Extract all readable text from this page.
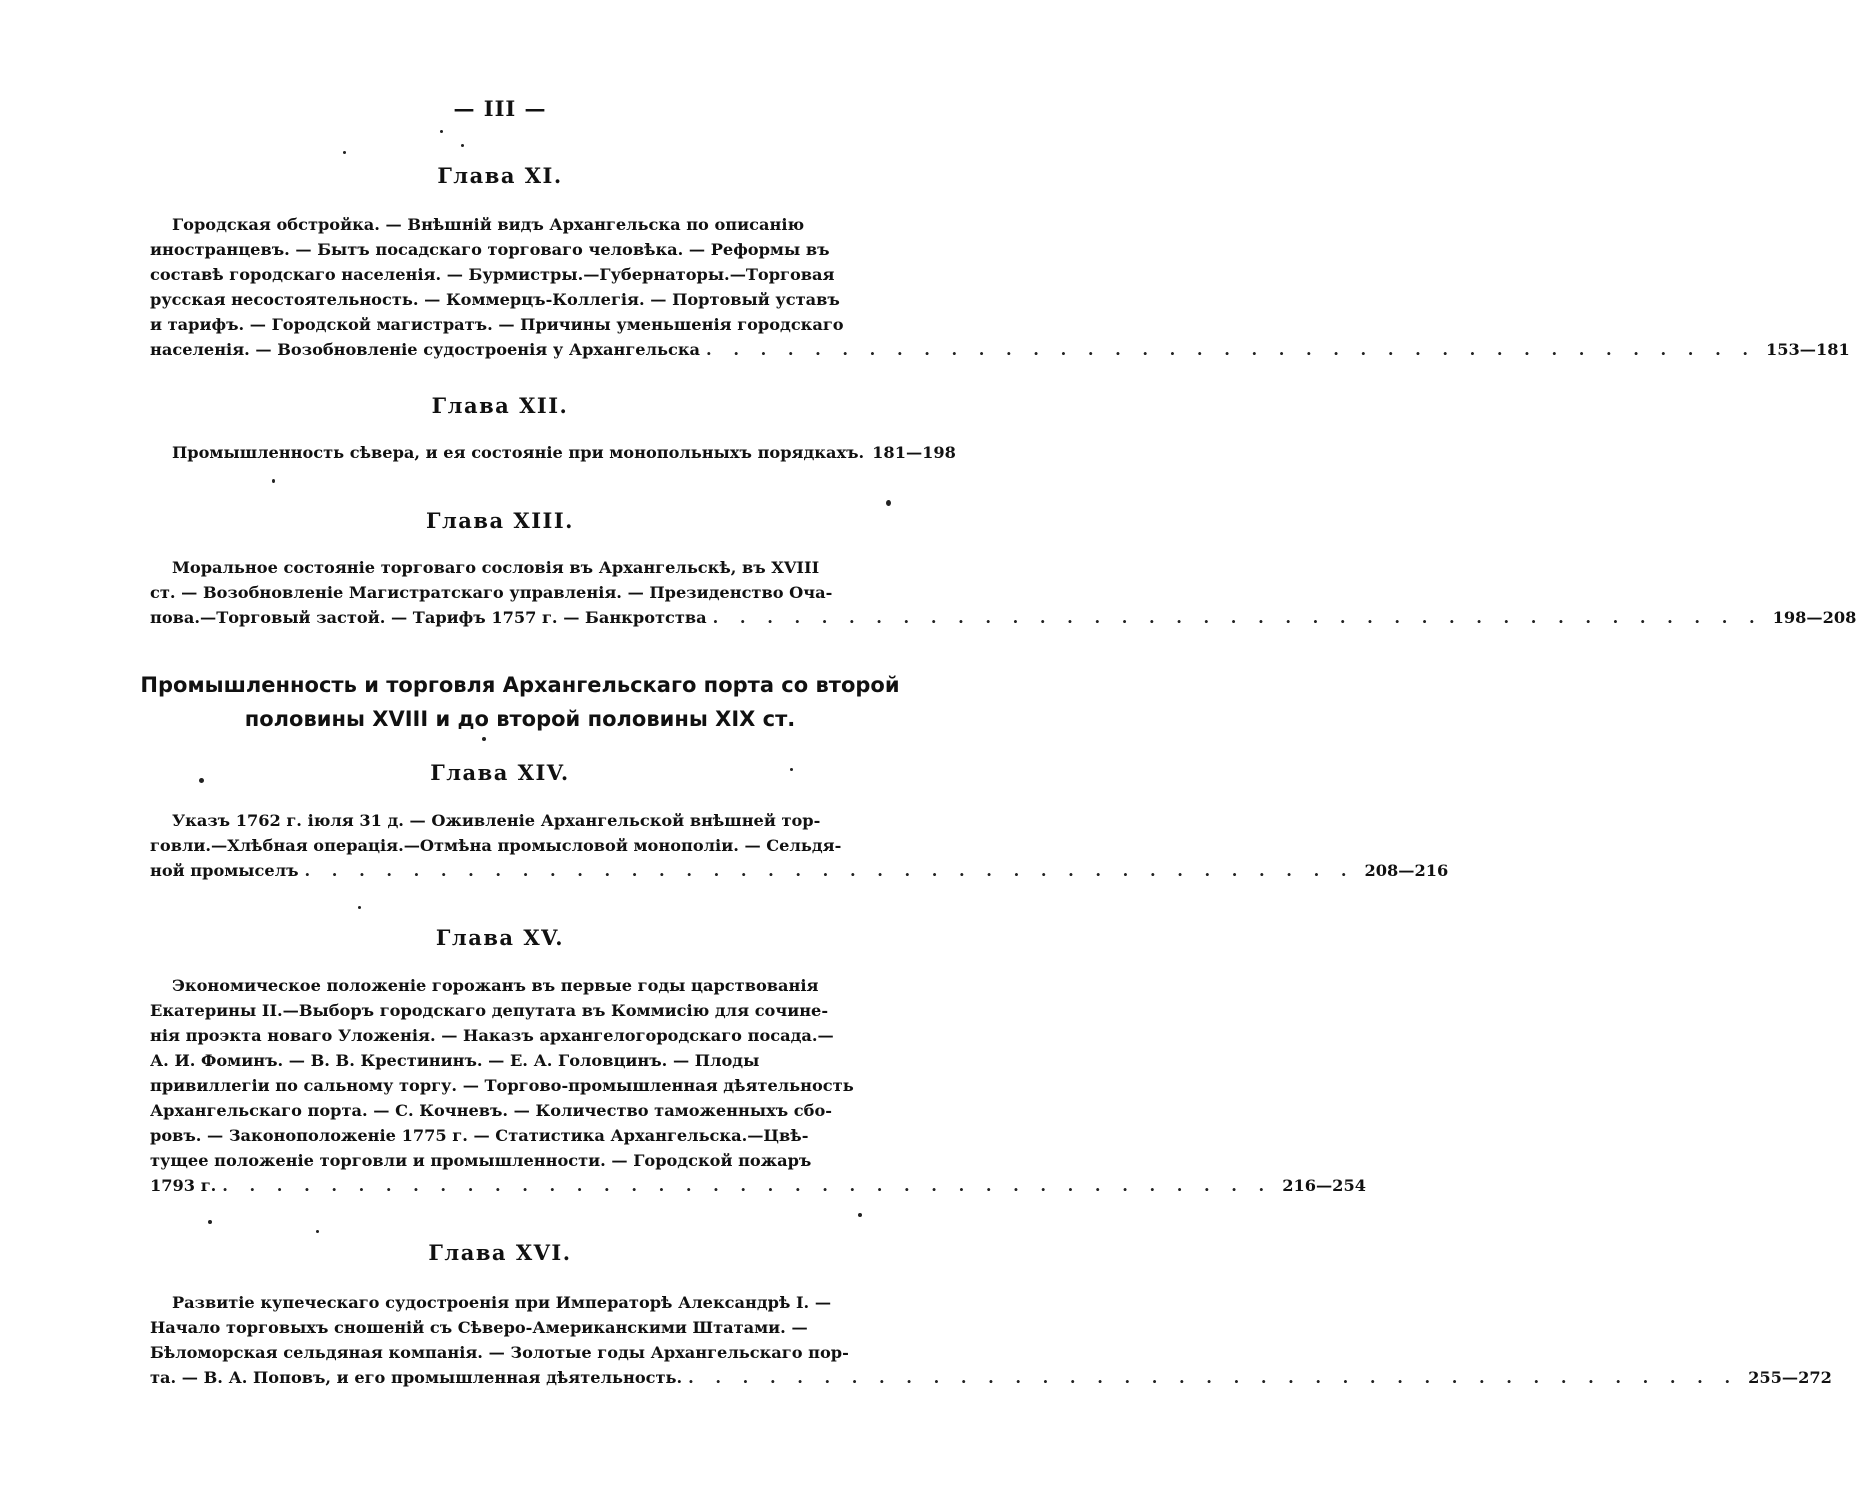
— III —
Глава XI.
Городская обстройка. — Внѣшній видъ Архангельска по описанію
иностранцевъ. — Бытъ посадскаго торговаго человѣка. — Реформы въ
составѣ городскаго населенія. — Бурмистры.—Губернаторы.—Торговая
русская несостоятельность. — Коммерцъ-Коллегія. — Портовый уставъ
и тарифъ. — Городской магистратъ. — Причины уменьшенія городскаго
населенія. — Возобновленіе судостроенія у Архангельска . . . . . . . . . . . . . . . . . . . . . . . . . . . . . . . . . . . . . . . 153—181
Глава XII.
Промышленность сѣвера, и ея состояніе при монопольныхъ порядкахъ. 181—198
Глава XIII.
Моральное состояніе торговаго сословія въ Архангельскѣ, въ XVIII
ст. — Возобновленіе Магистратскаго управленія. — Президенство Оча-
пова.—Торговый застой. — Тарифъ 1757 г. — Банкротства . . . . . . . . . . . . . . . . . . . . . . . . . . . . . . . . . . . . . . . 198—208
Промышленность и торговля Архангельскаго порта со второй
половины XVIII и до второй половины XIX ст.
Глава XIV.
Указъ 1762 г. іюля 31 д. — Оживленіе Архангельской внѣшней тор-
говли.—Хлѣбная операція.—Отмѣна промысловой монополіи. — Сельдя-
ной промыселъ . . . . . . . . . . . . . . . . . . . . . . . . . . . . . . . . . . . . . . . 208—216
Глава XV.
Экономическое положеніе горожанъ въ первые годы царствованія
Екатерины II.—Выборъ городскаго депутата въ Коммисію для сочине-
нія проэкта новаго Уложенія. — Наказъ архангелогородскаго посада.—
А. И. Фоминъ. — В. В. Крестининъ. — Е. А. Головцинъ. — Плоды
привиллегіи по сальному торгу. — Торгово-промышленная дѣятельность
Архангельскаго порта. — С. Кочневъ. — Количество таможенныхъ сбо-
ровъ. — Законоположеніе 1775 г. — Статистика Архангельска.—Цвѣ-
тущее положеніе торговли и промышленности. — Городской пожаръ
1793 г. . . . . . . . . . . . . . . . . . . . . . . . . . . . . . . . . . . . . . . . 216—254
Глава XVI.
Развитіе купеческаго судостроенія при Императорѣ Александрѣ I. —
Начало торговыхъ сношеній съ Сѣверо-Американскими Штатами. —
Бѣломорская сельдяная компанія. — Золотые годы Архангельскаго пор-
та. — В. А. Поповъ, и его промышленная дѣятельность. . . . . . . . . . . . . . . . . . . . . . . . . . . . . . . . . . . . . . . . 255—272
